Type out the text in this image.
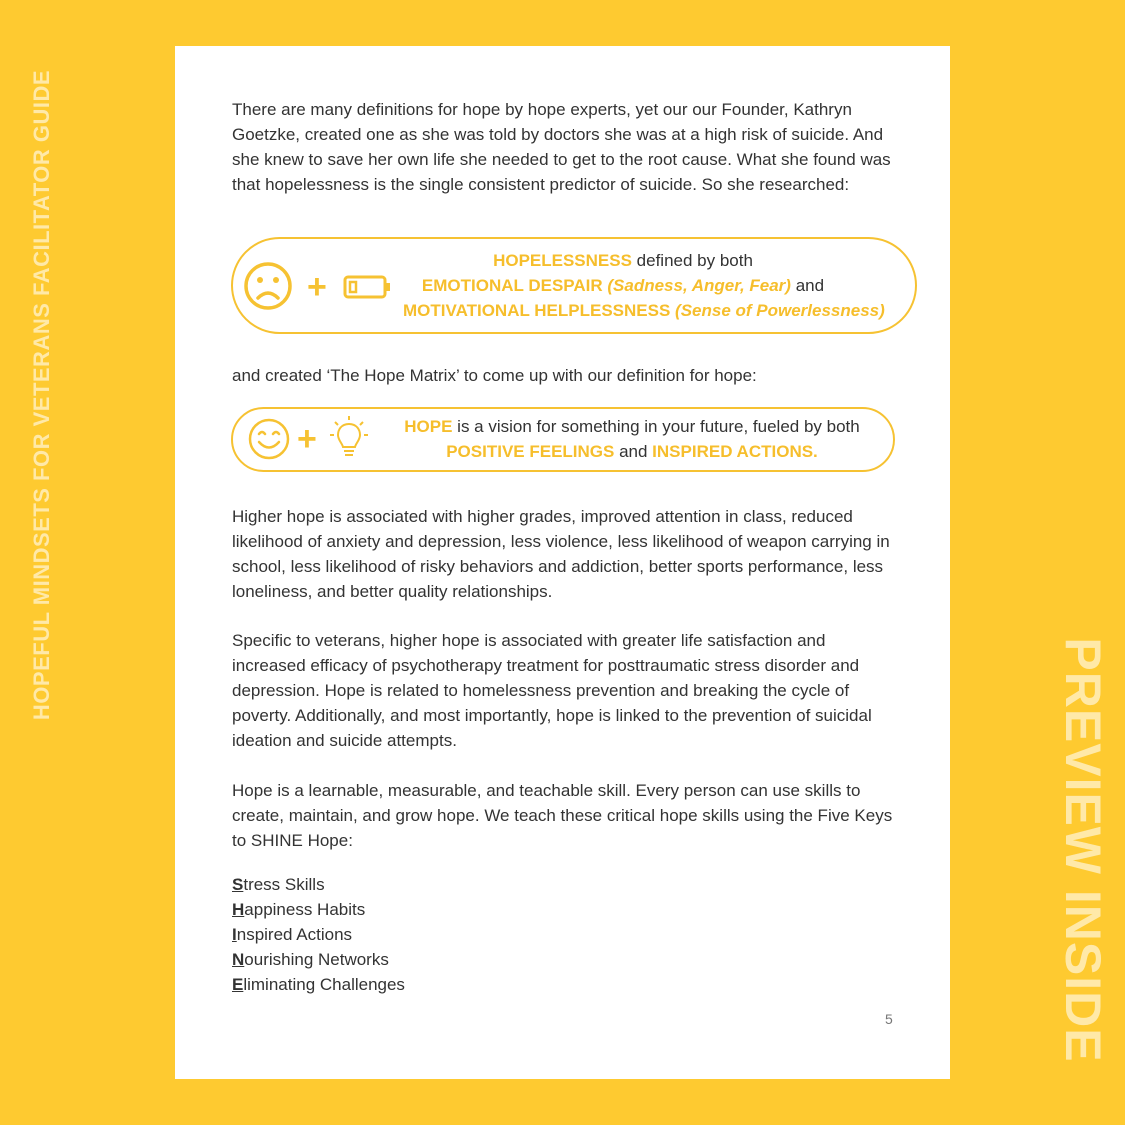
HOPEFUL MINDSETS FOR VETERANS FACILITATOR GUIDE
PREVIEW INSIDE
There are many definitions for hope by hope experts, yet our our Founder, Kathryn Goetzke, created one as she was told by doctors she was at a high risk of suicide. And she knew to save her own life she needed to get to the root cause. What she found was that hopelessness is the single consistent predictor of suicide. So she researched:
+
HOPELESSNESS defined by both
EMOTIONAL DESPAIR (Sadness, Anger, Fear) and
MOTIVATIONAL HELPLESSNESS (Sense of Powerlessness)
and created ‘The Hope Matrix’ to come up with our definition for hope:
+	HOPE is a vision for something in your future, fueled by both
POSITIVE FEELINGS and INSPIRED ACTIONS.
Higher hope is associated with higher grades, improved attention in class, reduced likelihood of anxiety and depression, less violence, less likelihood of weapon carrying in school, less likelihood of risky behaviors and addiction, better sports performance, less loneliness, and better quality relationships.
Specific to veterans, higher hope is associated with greater life satisfaction and increased efficacy of psychotherapy treatment for posttraumatic stress disorder and depression. Hope is related to homelessness prevention and breaking the cycle of poverty. Additionally, and most importantly, hope is linked to the prevention of suicidal ideation and suicide attempts.
Hope is a learnable, measurable, and teachable skill. Every person can use skills to create, maintain, and grow hope. We teach these critical hope skills using the Five Keys to SHINE Hope:
Stress Skills
Happiness Habits
Inspired Actions
Nourishing Networks
Eliminating Challenges
5
